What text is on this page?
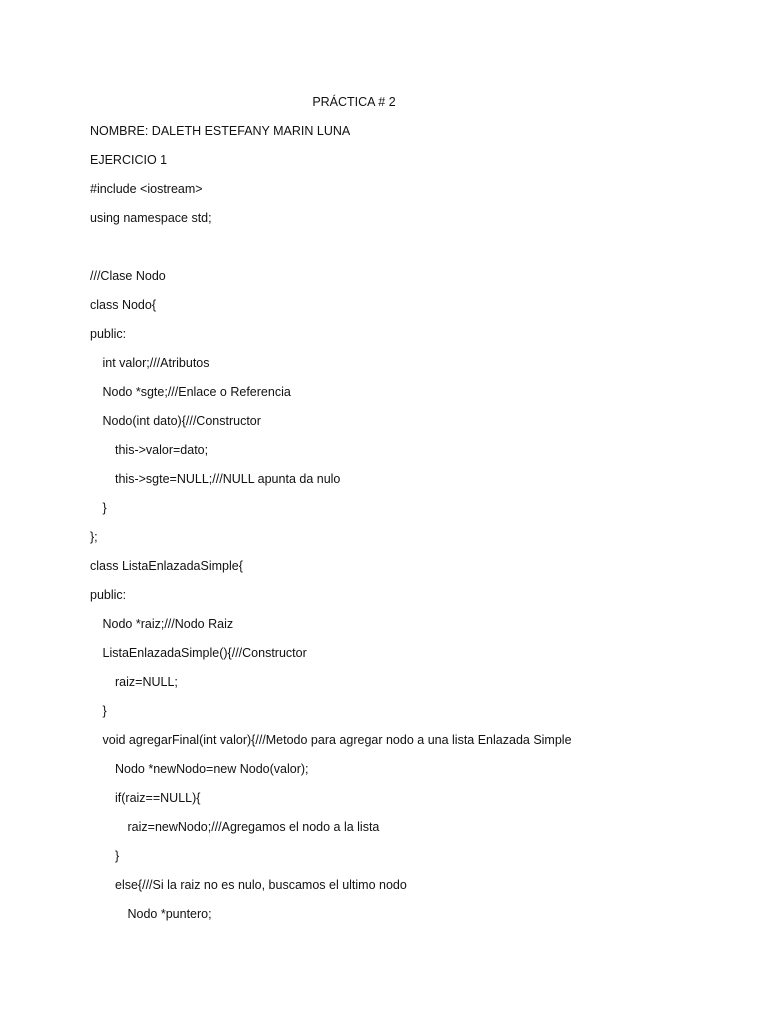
PRÁCTICA # 2
NOMBRE: DALETH ESTEFANY MARIN LUNA
EJERCICIO 1
#include <iostream>
using namespace std;
///Clase Nodo
class Nodo{
public:
int valor;///Atributos
Nodo *sgte;///Enlace o Referencia
Nodo(int dato){///Constructor
this->valor=dato;
this->sgte=NULL;///NULL apunta da nulo
}
};
class ListaEnlazadaSimple{
public:
Nodo *raiz;///Nodo Raiz
ListaEnlazadaSimple(){///Constructor
raiz=NULL;
}
void agregarFinal(int valor){///Metodo para agregar nodo a una lista Enlazada Simple
Nodo *newNodo=new Nodo(valor);
if(raiz==NULL){
raiz=newNodo;///Agregamos el nodo a la lista
}
else{///Si la raiz no es nulo, buscamos el ultimo nodo
Nodo *puntero;
